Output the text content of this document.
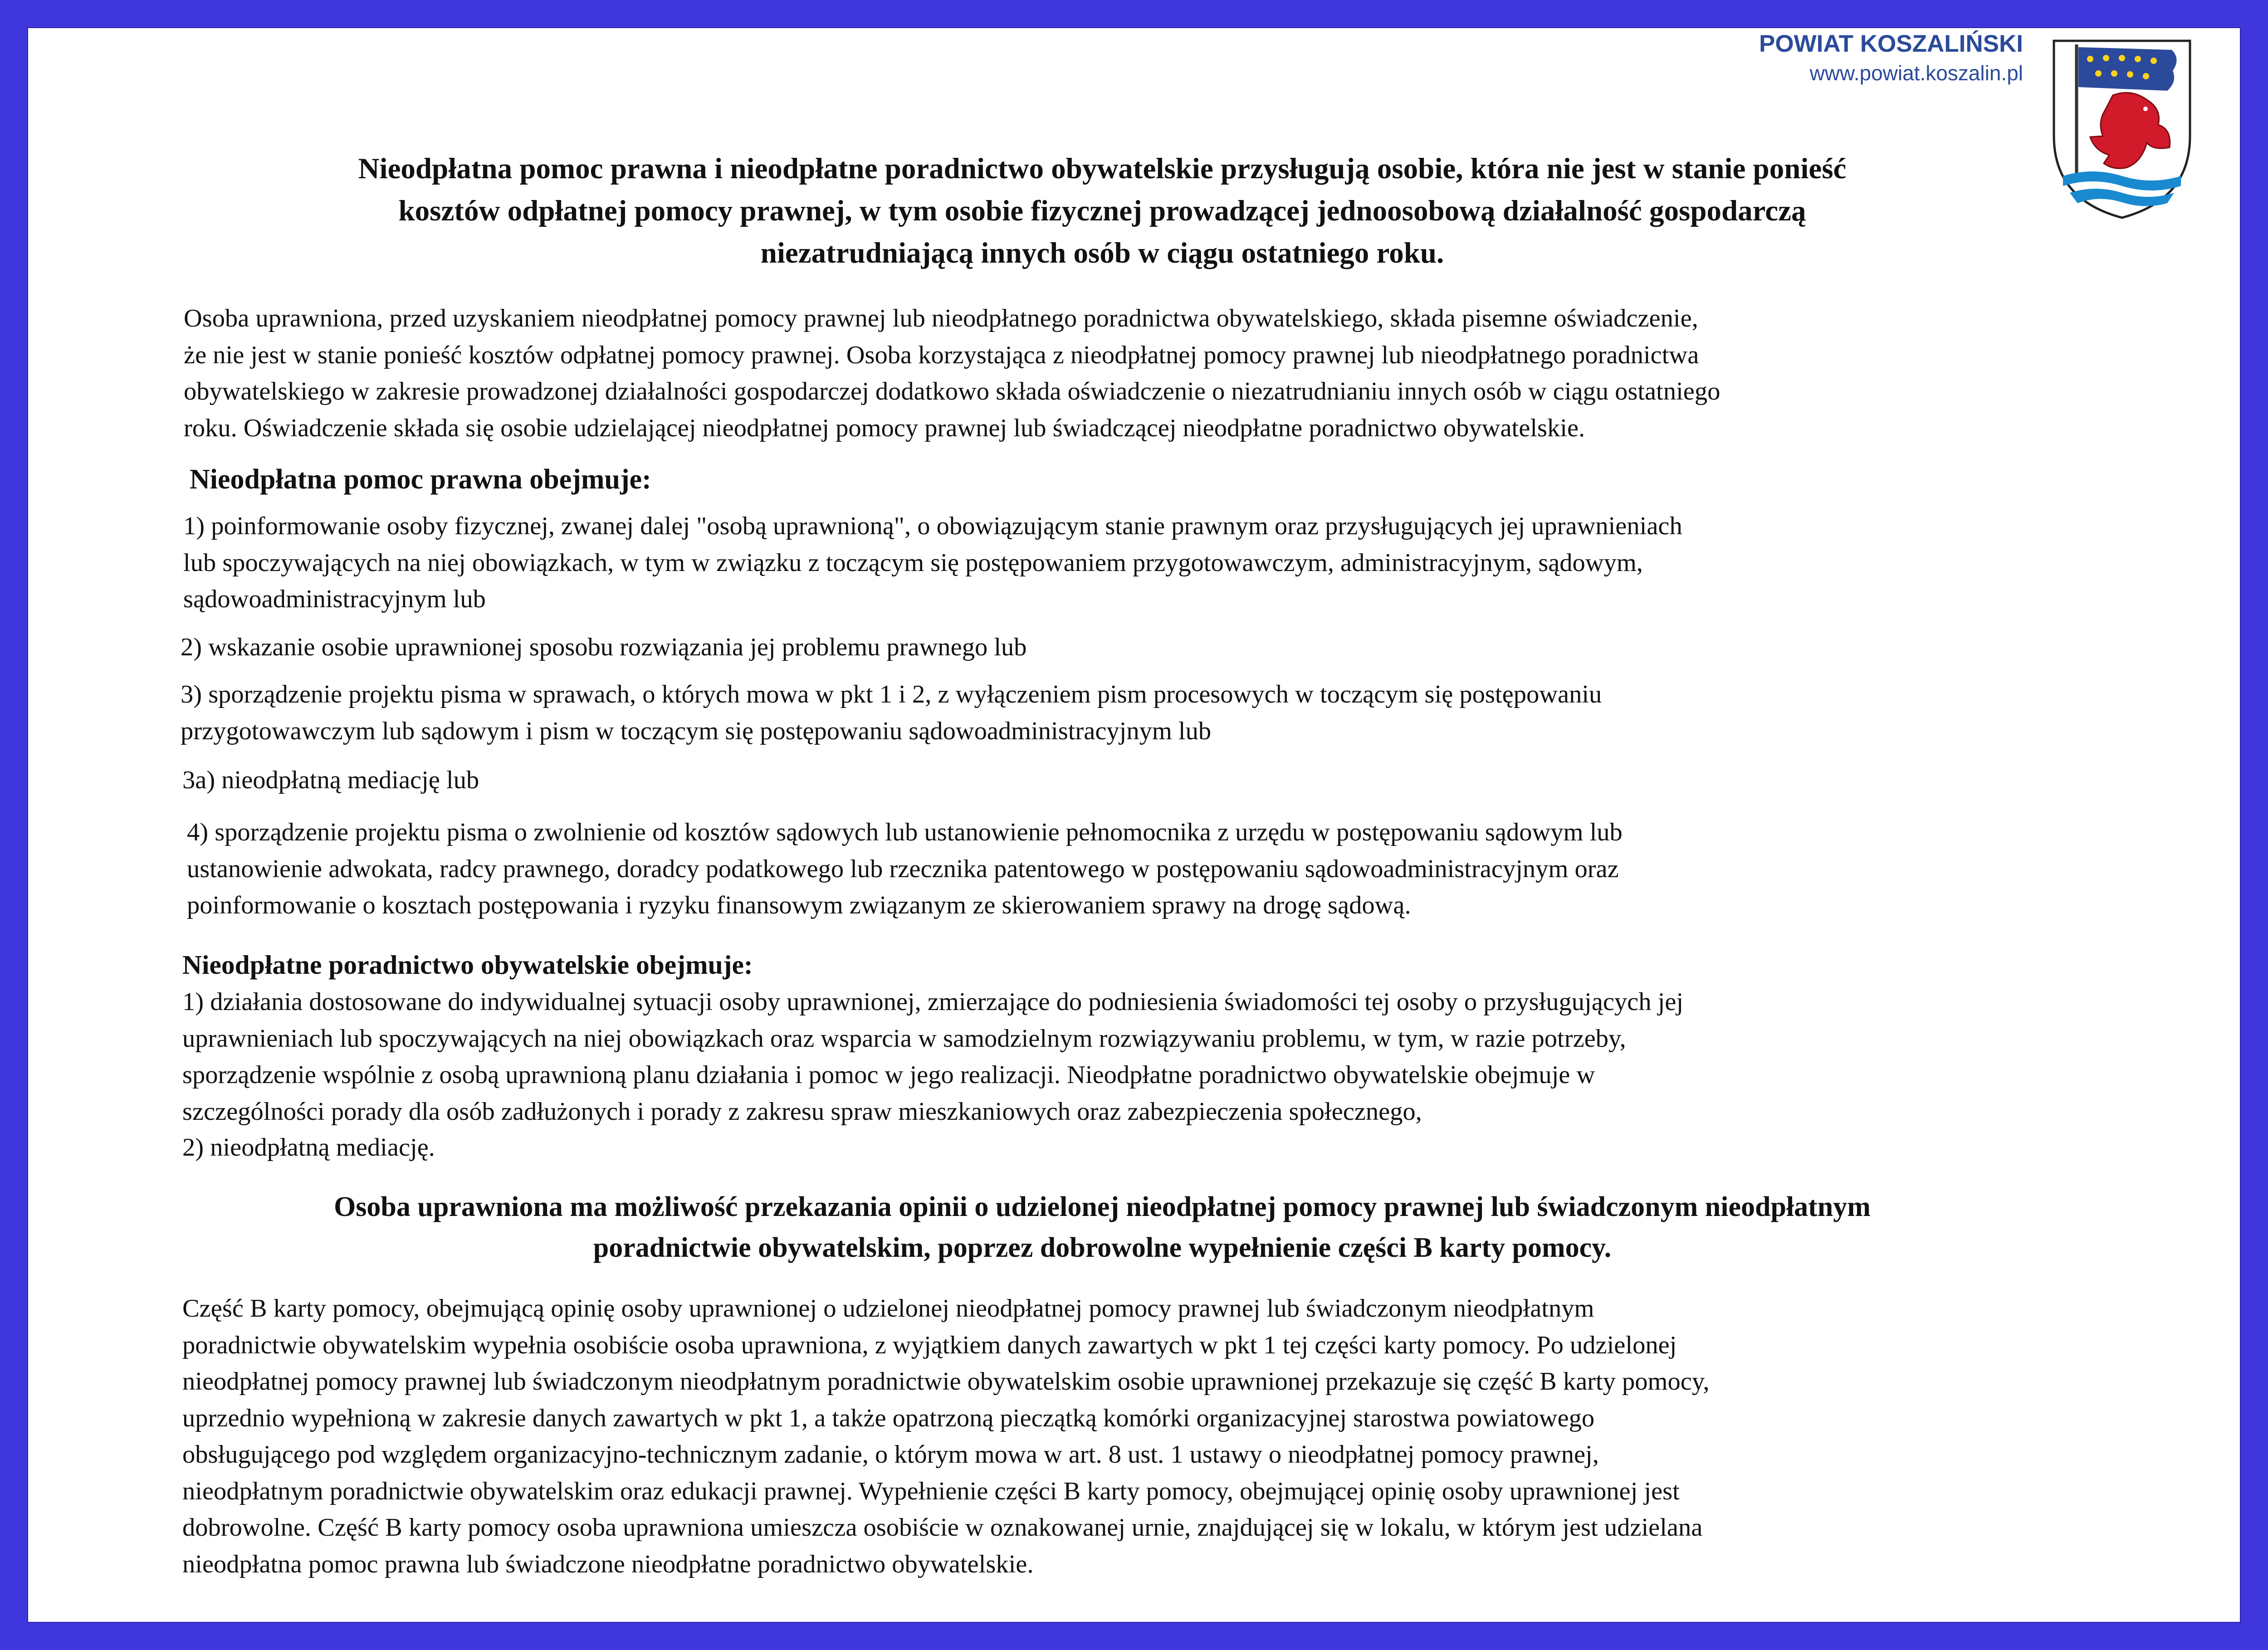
POWIAT KOSZALIŃSKI
www.powiat.koszalin.pl
Nieodpłatna pomoc prawna i nieodpłatne poradnictwo obywatelskie przysługują osobie, która nie jest w stanie ponieść
kosztów odpłatnej pomocy prawnej, w tym osobie fizycznej prowadzącej jednoosobową działalność gospodarczą
niezatrudniającą innych osób w ciągu ostatniego roku.
Osoba uprawniona, przed uzyskaniem nieodpłatnej pomocy prawnej lub nieodpłatnego poradnictwa obywatelskiego, składa pisemne oświadczenie,
że nie jest w stanie ponieść kosztów odpłatnej pomocy prawnej. Osoba korzystająca z nieodpłatnej pomocy prawnej lub nieodpłatnego poradnictwa
obywatelskiego w zakresie prowadzonej działalności gospodarczej dodatkowo składa oświadczenie o niezatrudnianiu innych osób w ciągu ostatniego
roku. Oświadczenie składa się osobie udzielającej nieodpłatnej pomocy prawnej lub świadczącej nieodpłatne poradnictwo obywatelskie.
Nieodpłatna pomoc prawna obejmuje:
1) poinformowanie osoby fizycznej, zwanej dalej "osobą uprawnioną", o obowiązującym stanie prawnym oraz przysługujących jej uprawnieniach
lub spoczywających na niej obowiązkach, w tym w związku z toczącym się postępowaniem przygotowawczym, administracyjnym, sądowym,
sądowoadministracyjnym lub
2) wskazanie osobie uprawnionej sposobu rozwiązania jej problemu prawnego lub
3) sporządzenie projektu pisma w sprawach, o których mowa w pkt 1 i 2, z wyłączeniem pism procesowych w toczącym się postępowaniu
przygotowawczym lub sądowym i pism w toczącym się postępowaniu sądowoadministracyjnym lub
3a) nieodpłatną mediację lub
4) sporządzenie projektu pisma o zwolnienie od kosztów sądowych lub ustanowienie pełnomocnika z urzędu w postępowaniu sądowym lub
ustanowienie adwokata, radcy prawnego, doradcy podatkowego lub rzecznika patentowego w postępowaniu sądowoadministracyjnym oraz
poinformowanie o kosztach postępowania i ryzyku finansowym związanym ze skierowaniem sprawy na drogę sądową.
Nieodpłatne poradnictwo obywatelskie obejmuje:
1) działania dostosowane do indywidualnej sytuacji osoby uprawnionej, zmierzające do podniesienia świadomości tej osoby o przysługujących jej
uprawnieniach lub spoczywających na niej obowiązkach oraz wsparcia w samodzielnym rozwiązywaniu problemu, w tym, w razie potrzeby,
sporządzenie wspólnie z osobą uprawnioną planu działania i pomoc w jego realizacji. Nieodpłatne poradnictwo obywatelskie obejmuje w
szczególności porady dla osób zadłużonych i porady z zakresu spraw mieszkaniowych oraz zabezpieczenia społecznego,
2) nieodpłatną mediację.
Osoba uprawniona ma możliwość przekazania opinii o udzielonej nieodpłatnej pomocy prawnej lub świadczonym nieodpłatnym
poradnictwie obywatelskim, poprzez dobrowolne wypełnienie części B karty pomocy.
Część B karty pomocy, obejmującą opinię osoby uprawnionej o udzielonej nieodpłatnej pomocy prawnej lub świadczonym nieodpłatnym
poradnictwie obywatelskim wypełnia osobiście osoba uprawniona, z wyjątkiem danych zawartych w pkt 1 tej części karty pomocy. Po udzielonej
nieodpłatnej pomocy prawnej lub świadczonym nieodpłatnym poradnictwie obywatelskim osobie uprawnionej przekazuje się część B karty pomocy,
uprzednio wypełnioną w zakresie danych zawartych w pkt 1, a także opatrzoną pieczątką komórki organizacyjnej starostwa powiatowego
obsługującego pod względem organizacyjno-technicznym zadanie, o którym mowa w art. 8 ust. 1 ustawy o nieodpłatnej pomocy prawnej,
nieodpłatnym poradnictwie obywatelskim oraz edukacji prawnej. Wypełnienie części B karty pomocy, obejmującej opinię osoby uprawnionej jest
dobrowolne. Część B karty pomocy osoba uprawniona umieszcza osobiście w oznakowanej urnie, znajdującej się w lokalu, w którym jest udzielana
nieodpłatna pomoc prawna lub świadczone nieodpłatne poradnictwo obywatelskie.
